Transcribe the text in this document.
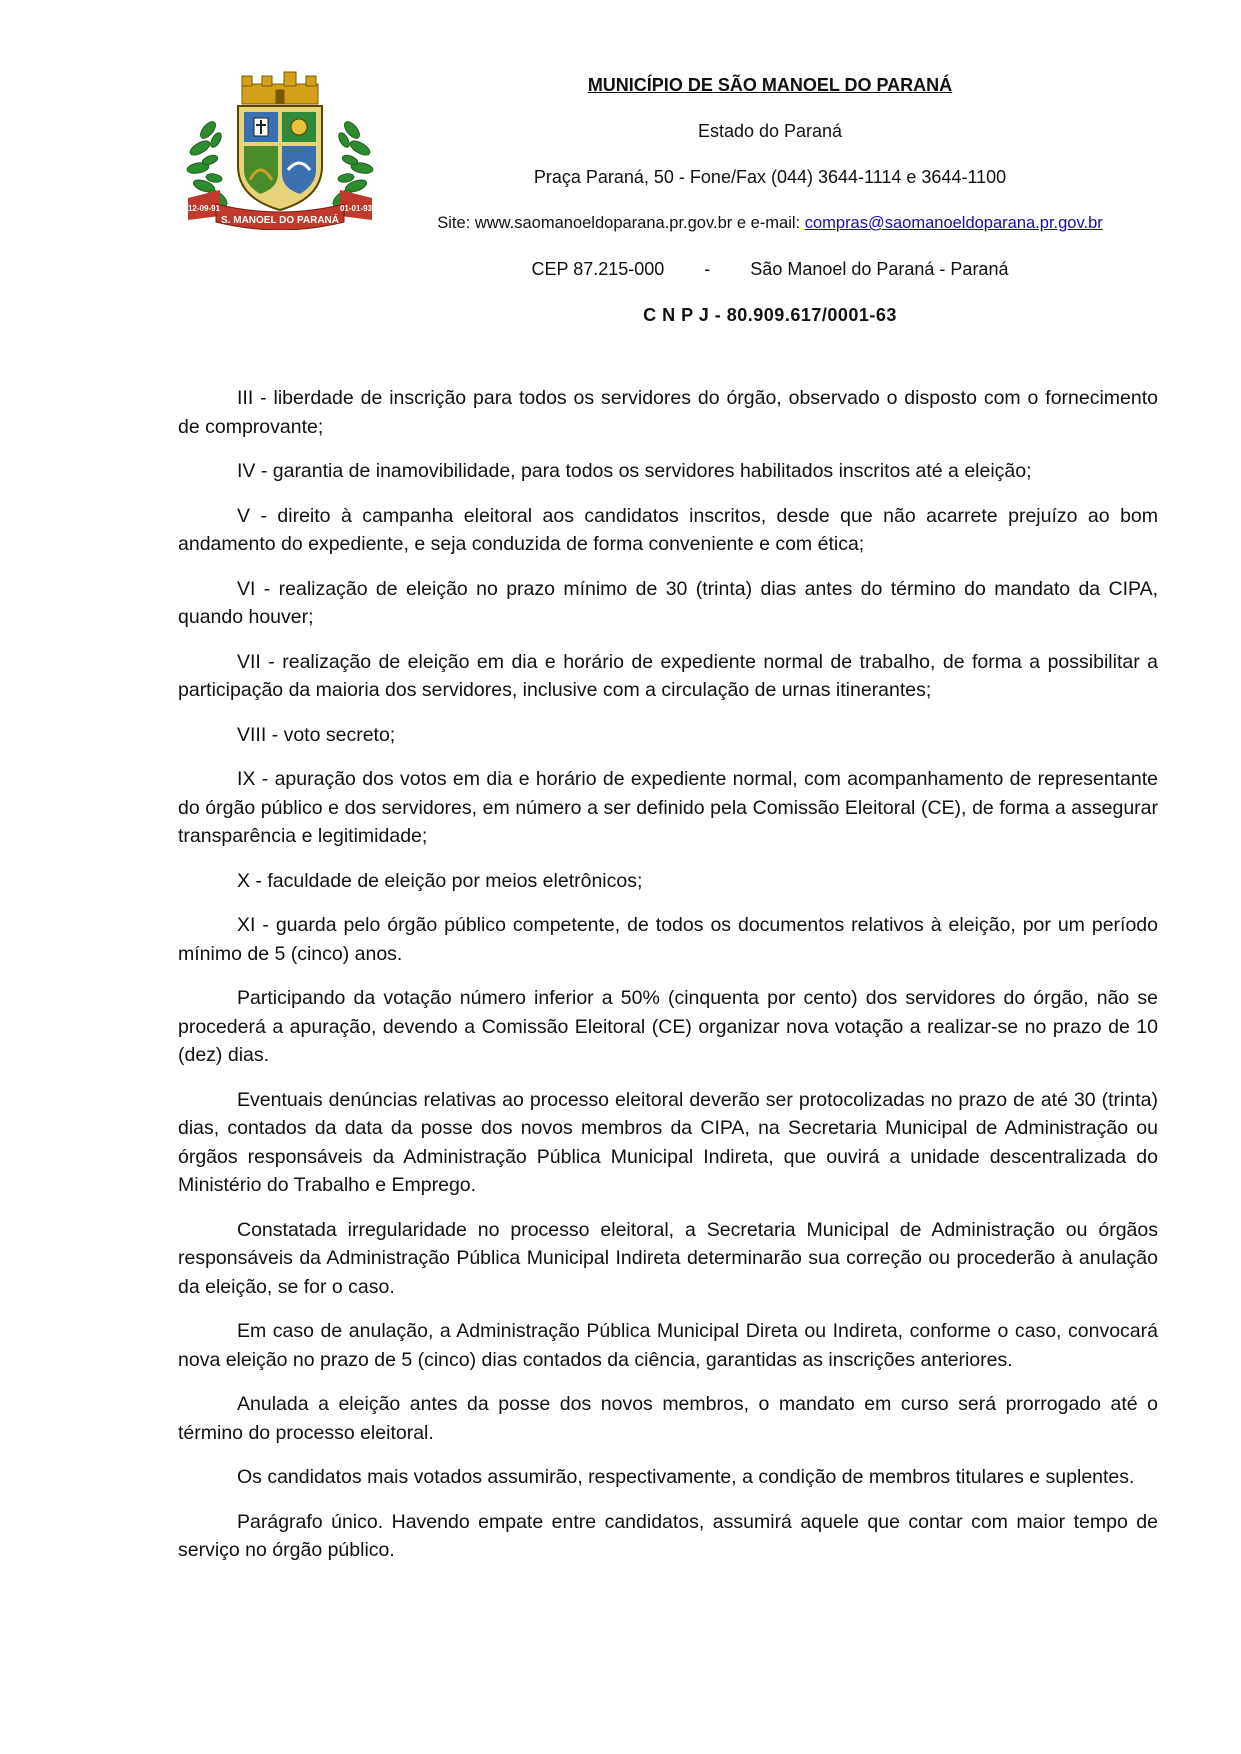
S. MANOEL DO PARANÁ
12-09-91	01-01-93
MUNICÍPIO DE SÃO MANOEL DO PARANÁ
Estado do Paraná
Praça Paraná, 50 - Fone/Fax (044) 3644-1114 e 3644-1100
Site: www.saomanoeldoparana.pr.gov.br e e-mail: compras@saomanoeldoparana.pr.gov.br
CEP 87.215-000 - São Manoel do Paraná - Paraná
C N P J - 80.909.617/0001-63

III - liberdade de inscrição para todos os servidores do órgão, observado o disposto com o fornecimento de comprovante;

IV - garantia de inamovibilidade, para todos os servidores habilitados inscritos até a eleição;

V - direito à campanha eleitoral aos candidatos inscritos, desde que não acarrete prejuízo ao bom andamento do expediente, e seja conduzida de forma conveniente e com ética;

VI - realização de eleição no prazo mínimo de 30 (trinta) dias antes do término do mandato da CIPA, quando houver;

VII - realização de eleição em dia e horário de expediente normal de trabalho, de forma a possibilitar a participação da maioria dos servidores, inclusive com a circulação de urnas itinerantes;

VIII - voto secreto;

IX - apuração dos votos em dia e horário de expediente normal, com acompanhamento de representante do órgão público e dos servidores, em número a ser definido pela Comissão Eleitoral (CE), de forma a assegurar transparência e legitimidade;

X - faculdade de eleição por meios eletrônicos;

XI - guarda pelo órgão público competente, de todos os documentos relativos à eleição, por um período mínimo de 5 (cinco) anos.

Participando da votação número inferior a 50% (cinquenta por cento) dos servidores do órgão, não se procederá a apuração, devendo a Comissão Eleitoral (CE) organizar nova votação a realizar-se no prazo de 10 (dez) dias.

Eventuais denúncias relativas ao processo eleitoral deverão ser protocolizadas no prazo de até 30 (trinta) dias, contados da data da posse dos novos membros da CIPA, na Secretaria Municipal de Administração ou órgãos responsáveis da Administração Pública Municipal Indireta, que ouvirá a unidade descentralizada do Ministério do Trabalho e Emprego.

Constatada irregularidade no processo eleitoral, a Secretaria Municipal de Administração ou órgãos responsáveis da Administração Pública Municipal Indireta determinarão sua correção ou procederão à anulação da eleição, se for o caso.

Em caso de anulação, a Administração Pública Municipal Direta ou Indireta, conforme o caso, convocará nova eleição no prazo de 5 (cinco) dias contados da ciência, garantidas as inscrições anteriores.

Anulada a eleição antes da posse dos novos membros, o mandato em curso será prorrogado até o término do processo eleitoral.

Os candidatos mais votados assumirão, respectivamente, a condição de membros titulares e suplentes.

Parágrafo único. Havendo empate entre candidatos, assumirá aquele que contar com maior tempo de serviço no órgão público.
